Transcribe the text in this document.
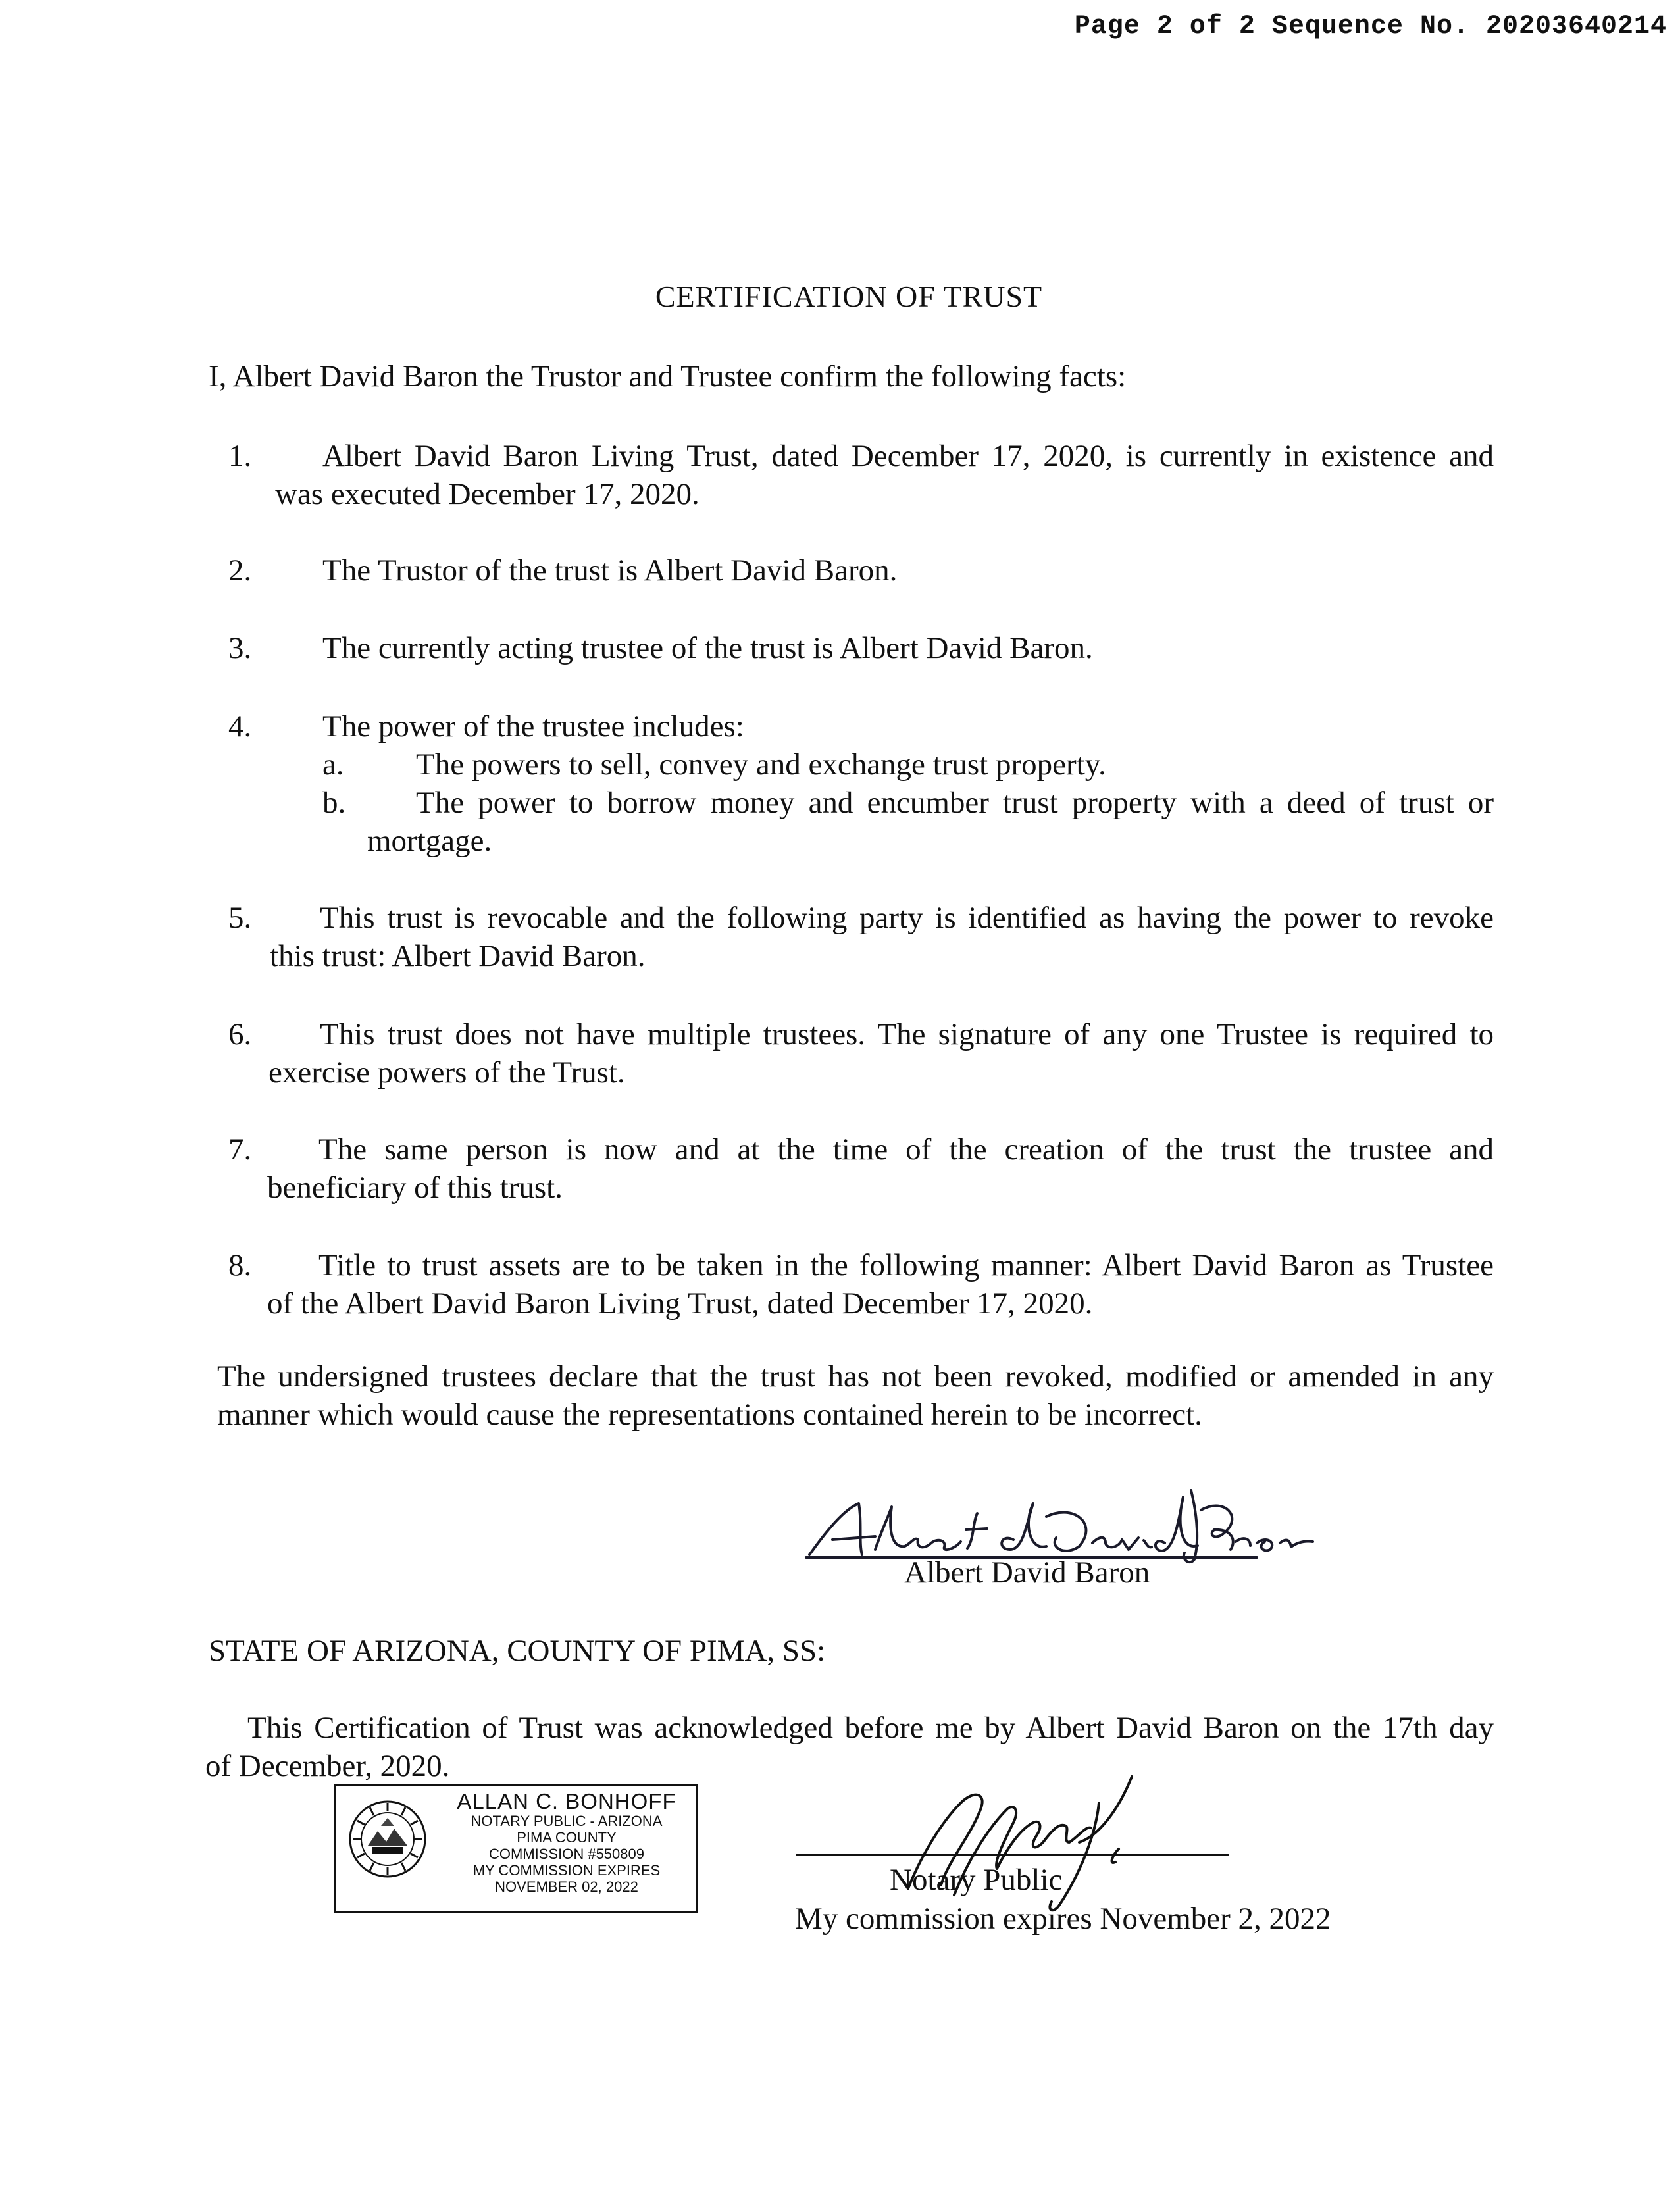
Page 2 of 2 Sequence No. 20203640214
CERTIFICATION OF TRUST
I, Albert David Baron the Trustor and Trustee confirm the following facts:
1. Albert David Baron Living Trust, dated December 17, 2020, is currently in existence and
was executed December 17, 2020.
2. The Trustor of the trust is Albert David Baron.
3. The currently acting trustee of the trust is Albert David Baron.
4. The power of the trustee includes:
a. The powers to sell, convey and exchange trust property.
b. The power to borrow money and encumber trust property with a deed of trust or
mortgage.
5. This trust is revocable and the following party is identified as having the power to revoke
this trust: Albert David Baron.
6. This trust does not have multiple trustees. The signature of any one Trustee is required to
exercise powers of the Trust.
7. The same person is now and at the time of the creation of the trust the trustee and
beneficiary of this trust.
8. Title to trust assets are to be taken in the following manner: Albert David Baron as Trustee
of the Albert David Baron Living Trust, dated December 17, 2020.
The undersigned trustees declare that the trust has not been revoked, modified or amended in any
manner which would cause the representations contained herein to be incorrect.
Albert David Baron
STATE OF ARIZONA, COUNTY OF PIMA, SS:
This Certification of Trust was acknowledged before me by Albert David Baron on the 17th day
of December, 2020.
ALLAN C. BONHOFF
NOTARY PUBLIC - ARIZONA
PIMA COUNTY
COMMISSION #550809
MY COMMISSION EXPIRES
NOVEMBER 02, 2022	Notary Public
My commission expires November 2, 2022
